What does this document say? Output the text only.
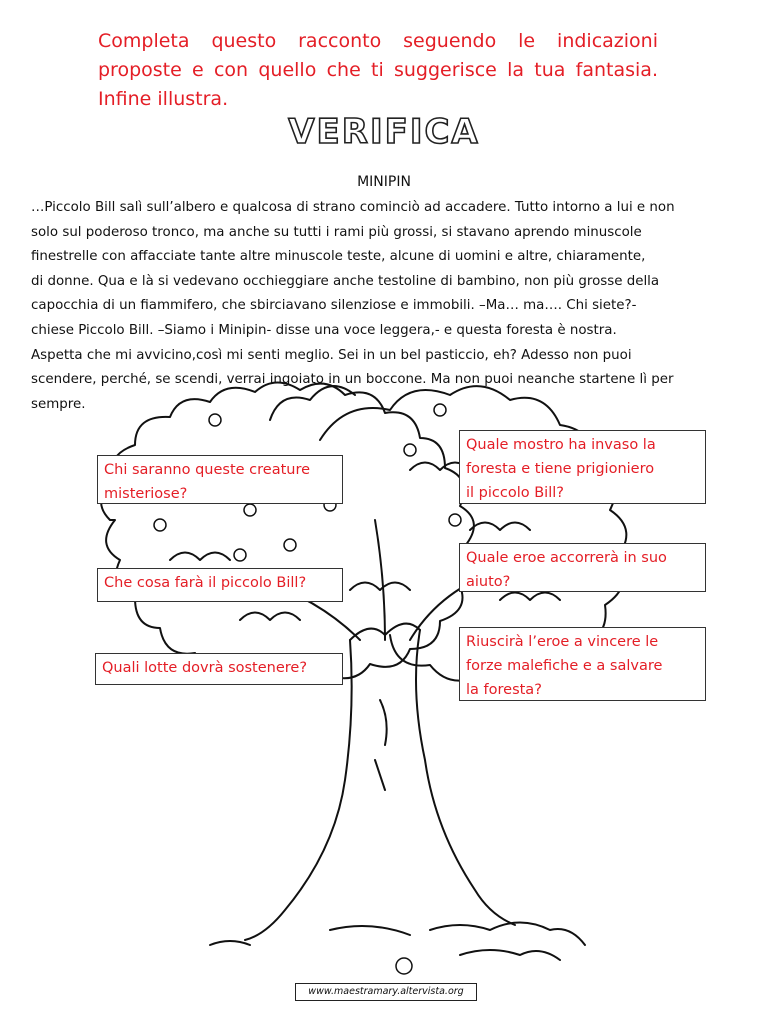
Completa questo racconto seguendo le indicazioni
proposte e con quello che ti suggerisce la tua fantasia.
Infine illustra.
VERIFICA
MINIPIN
…Piccolo Bill salì sull’albero e qualcosa di strano cominciò ad accadere. Tutto intorno a lui e non
solo sul poderoso tronco, ma anche su tutti i rami più grossi, si stavano aprendo minuscole
finestrelle con affacciate tante altre minuscole teste, alcune di uomini e altre, chiaramente,
di donne. Qua e là si vedevano occhieggiare anche testoline di bambino, non più grosse della
capocchia di un fiammifero, che sbirciavano silenziose e immobili. –Ma… ma…. Chi siete?-
chiese Piccolo Bill. –Siamo i Minipin- disse una voce leggera,- e questa foresta è nostra.
Aspetta che mi avvicino,così mi senti meglio. Sei in un bel pasticcio, eh? Adesso non puoi
scendere, perché, se scendi, verrai ingoiato in un boccone. Ma non puoi neanche startene lì per
sempre.
Chi saranno queste creature
misteriose?
Quale mostro ha invaso la
foresta e tiene prigioniero
il piccolo Bill?
Che cosa farà il piccolo Bill?
Quale eroe accorrerà in suo
aiuto?
Quali lotte dovrà sostenere?
Riuscirà l’eroe a vincere le
forze malefiche e a salvare
la foresta?
www.maestramary.altervista.org
